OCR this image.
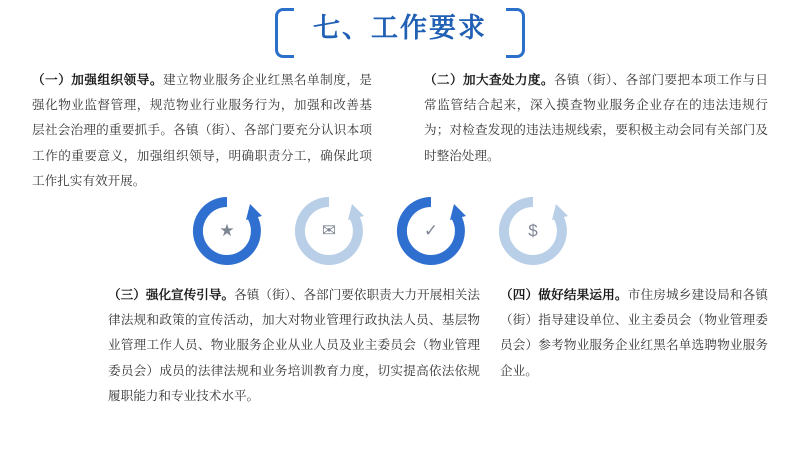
七、工作要求
（一）加强组织领导。建立物业服务企业红黑名单制度，是强化物业监督管理，规范物业行业服务行为，加强和改善基层社会治理的重要抓手。各镇（街）、各部门要充分认识本项工作的重要意义，加强组织领导，明确职责分工，确保此项工作扎实有效开展。
（二）加大查处力度。各镇（街）、各部门要把本项工作与日常监管结合起来，深入摸查物业服务企业存在的违法违规行为；对检查发现的违法违规线索，要积极主动会同有关部门及时整治处理。
★	✉	✓	$
（三）强化宣传引导。各镇（街）、各部门要依职责大力开展相关法律法规和政策的宣传活动，加大对物业管理行政执法人员、基层物业管理工作人员、物业服务企业从业人员及业主委员会（物业管理委员会）成员的法律法规和业务培训教育力度，切实提高依法依规履职能力和专业技术水平。
（四）做好结果运用。市住房城乡建设局和各镇（街）指导建设单位、业主委员会（物业管理委员会）参考物业服务企业红黑名单选聘物业服务企业。
